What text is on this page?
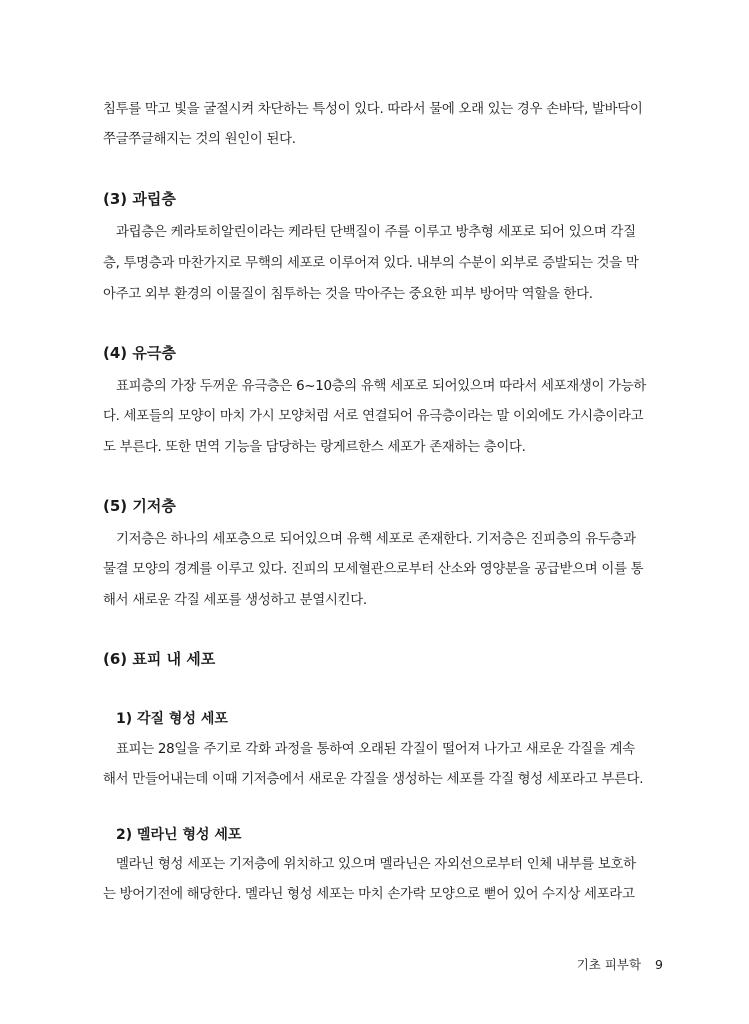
침투를 막고 빛을 굴절시켜 차단하는 특성이 있다. 따라서 물에 오래 있는 경우 손바닥, 발바닥이
쭈글쭈글해지는 것의 원인이 된다.
(3) 과립층
과립층은 케라토히알린이라는 케라틴 단백질이 주를 이루고 방추형 세포로 되어 있으며 각질
층, 투명층과 마찬가지로 무핵의 세포로 이루어져 있다. 내부의 수분이 외부로 증발되는 것을 막
아주고 외부 환경의 이물질이 침투하는 것을 막아주는 중요한 피부 방어막 역할을 한다.
(4) 유극층
표피층의 가장 두꺼운 유극층은 6~10층의 유핵 세포로 되어있으며 따라서 세포재생이 가능하
다. 세포들의 모양이 마치 가시 모양처럼 서로 연결되어 유극층이라는 말 이외에도 가시층이라고
도 부른다. 또한 면역 기능을 담당하는 랑게르한스 세포가 존재하는 층이다.
(5) 기저층
기저층은 하나의 세포층으로 되어있으며 유핵 세포로 존재한다. 기저층은 진피층의 유두층과
물결 모양의 경계를 이루고 있다. 진피의 모세혈관으로부터 산소와 영양분을 공급받으며 이를 통
해서 새로운 각질 세포를 생성하고 분열시킨다.
(6) 표피 내 세포
1) 각질 형성 세포
표피는 28일을 주기로 각화 과정을 통하여 오래된 각질이 떨어져 나가고 새로운 각질을 계속
해서 만들어내는데 이때 기저층에서 새로운 각질을 생성하는 세포를 각질 형성 세포라고 부른다.
2) 멜라닌 형성 세포
멜라닌 형성 세포는 기저층에 위치하고 있으며 멜라닌은 자외선으로부터 인체 내부를 보호하
는 방어기전에 해당한다. 멜라닌 형성 세포는 마치 손가락 모양으로 뻗어 있어 수지상 세포라고
기초 피부학 9
